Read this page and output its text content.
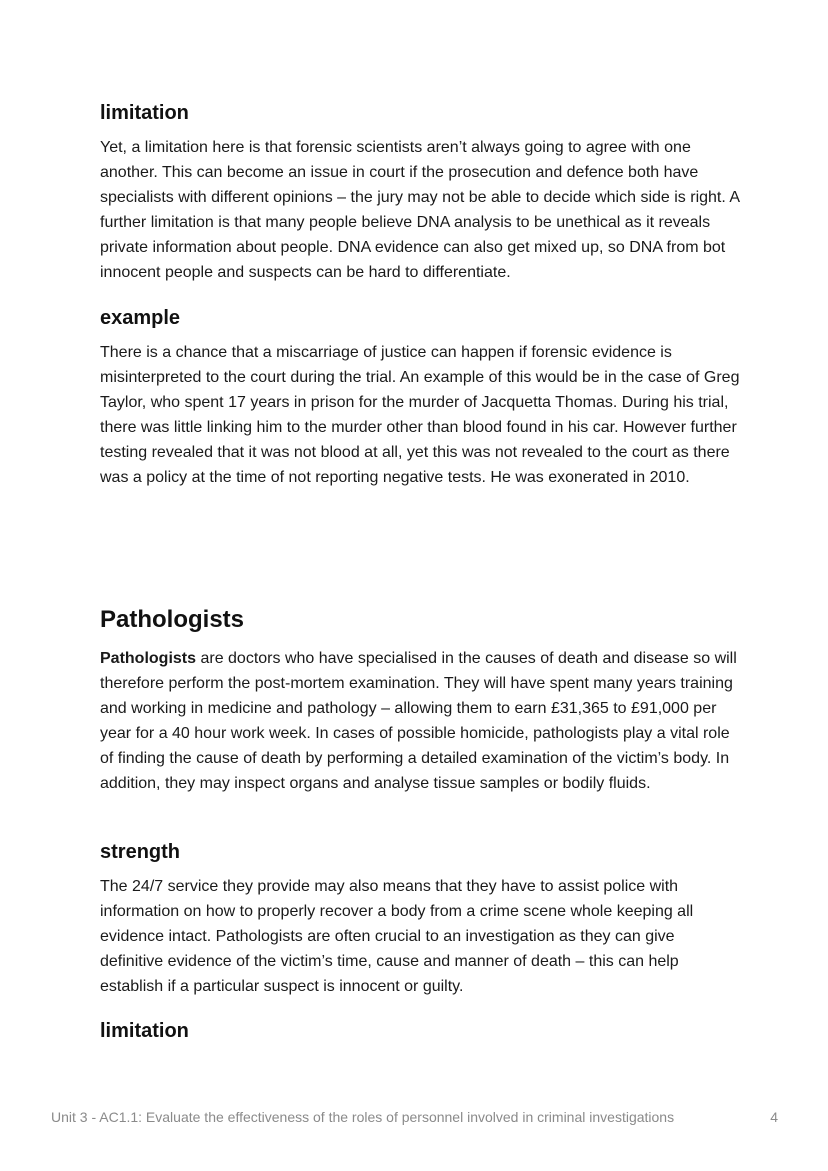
limitation

Yet, a limitation here is that forensic scientists aren’t always going to agree with one another. This can become an issue in court if the prosecution and defence both have specialists with different opinions – the jury may not be able to decide which side is right. A further limitation is that many people believe DNA analysis to be unethical as it reveals private information about people. DNA evidence can also get mixed up, so DNA from bot innocent people and suspects can be hard to differentiate.

example

There is a chance that a miscarriage of justice can happen if forensic evidence is misinterpreted to the court during the trial. An example of this would be in the case of Greg Taylor, who spent 17 years in prison for the murder of Jacquetta Thomas. During his trial, there was little linking him to the murder other than blood found in his car. However further testing revealed that it was not blood at all, yet this was not revealed to the court as there was a policy at the time of not reporting negative tests. He was exonerated in 2010.

Pathologists

Pathologists are doctors who have specialised in the causes of death and disease so will therefore perform the post-mortem examination. They will have spent many years training and working in medicine and pathology – allowing them to earn £31,365 to £91,000 per year for a 40 hour work week. In cases of possible homicide, pathologists play a vital role of finding the cause of death by performing a detailed examination of the victim’s body. In addition, they may inspect organs and analyse tissue samples or bodily fluids.

strength

The 24/7 service they provide may also means that they have to assist police with information on how to properly recover a body from a crime scene whole keeping all evidence intact. Pathologists are often crucial to an investigation as they can give definitive evidence of the victim’s time, cause and manner of death – this can help establish if a particular suspect is innocent or guilty.

limitation
Unit 3 - AC1.1: Evaluate the effectiveness of the roles of personnel involved in criminal investigations	4
